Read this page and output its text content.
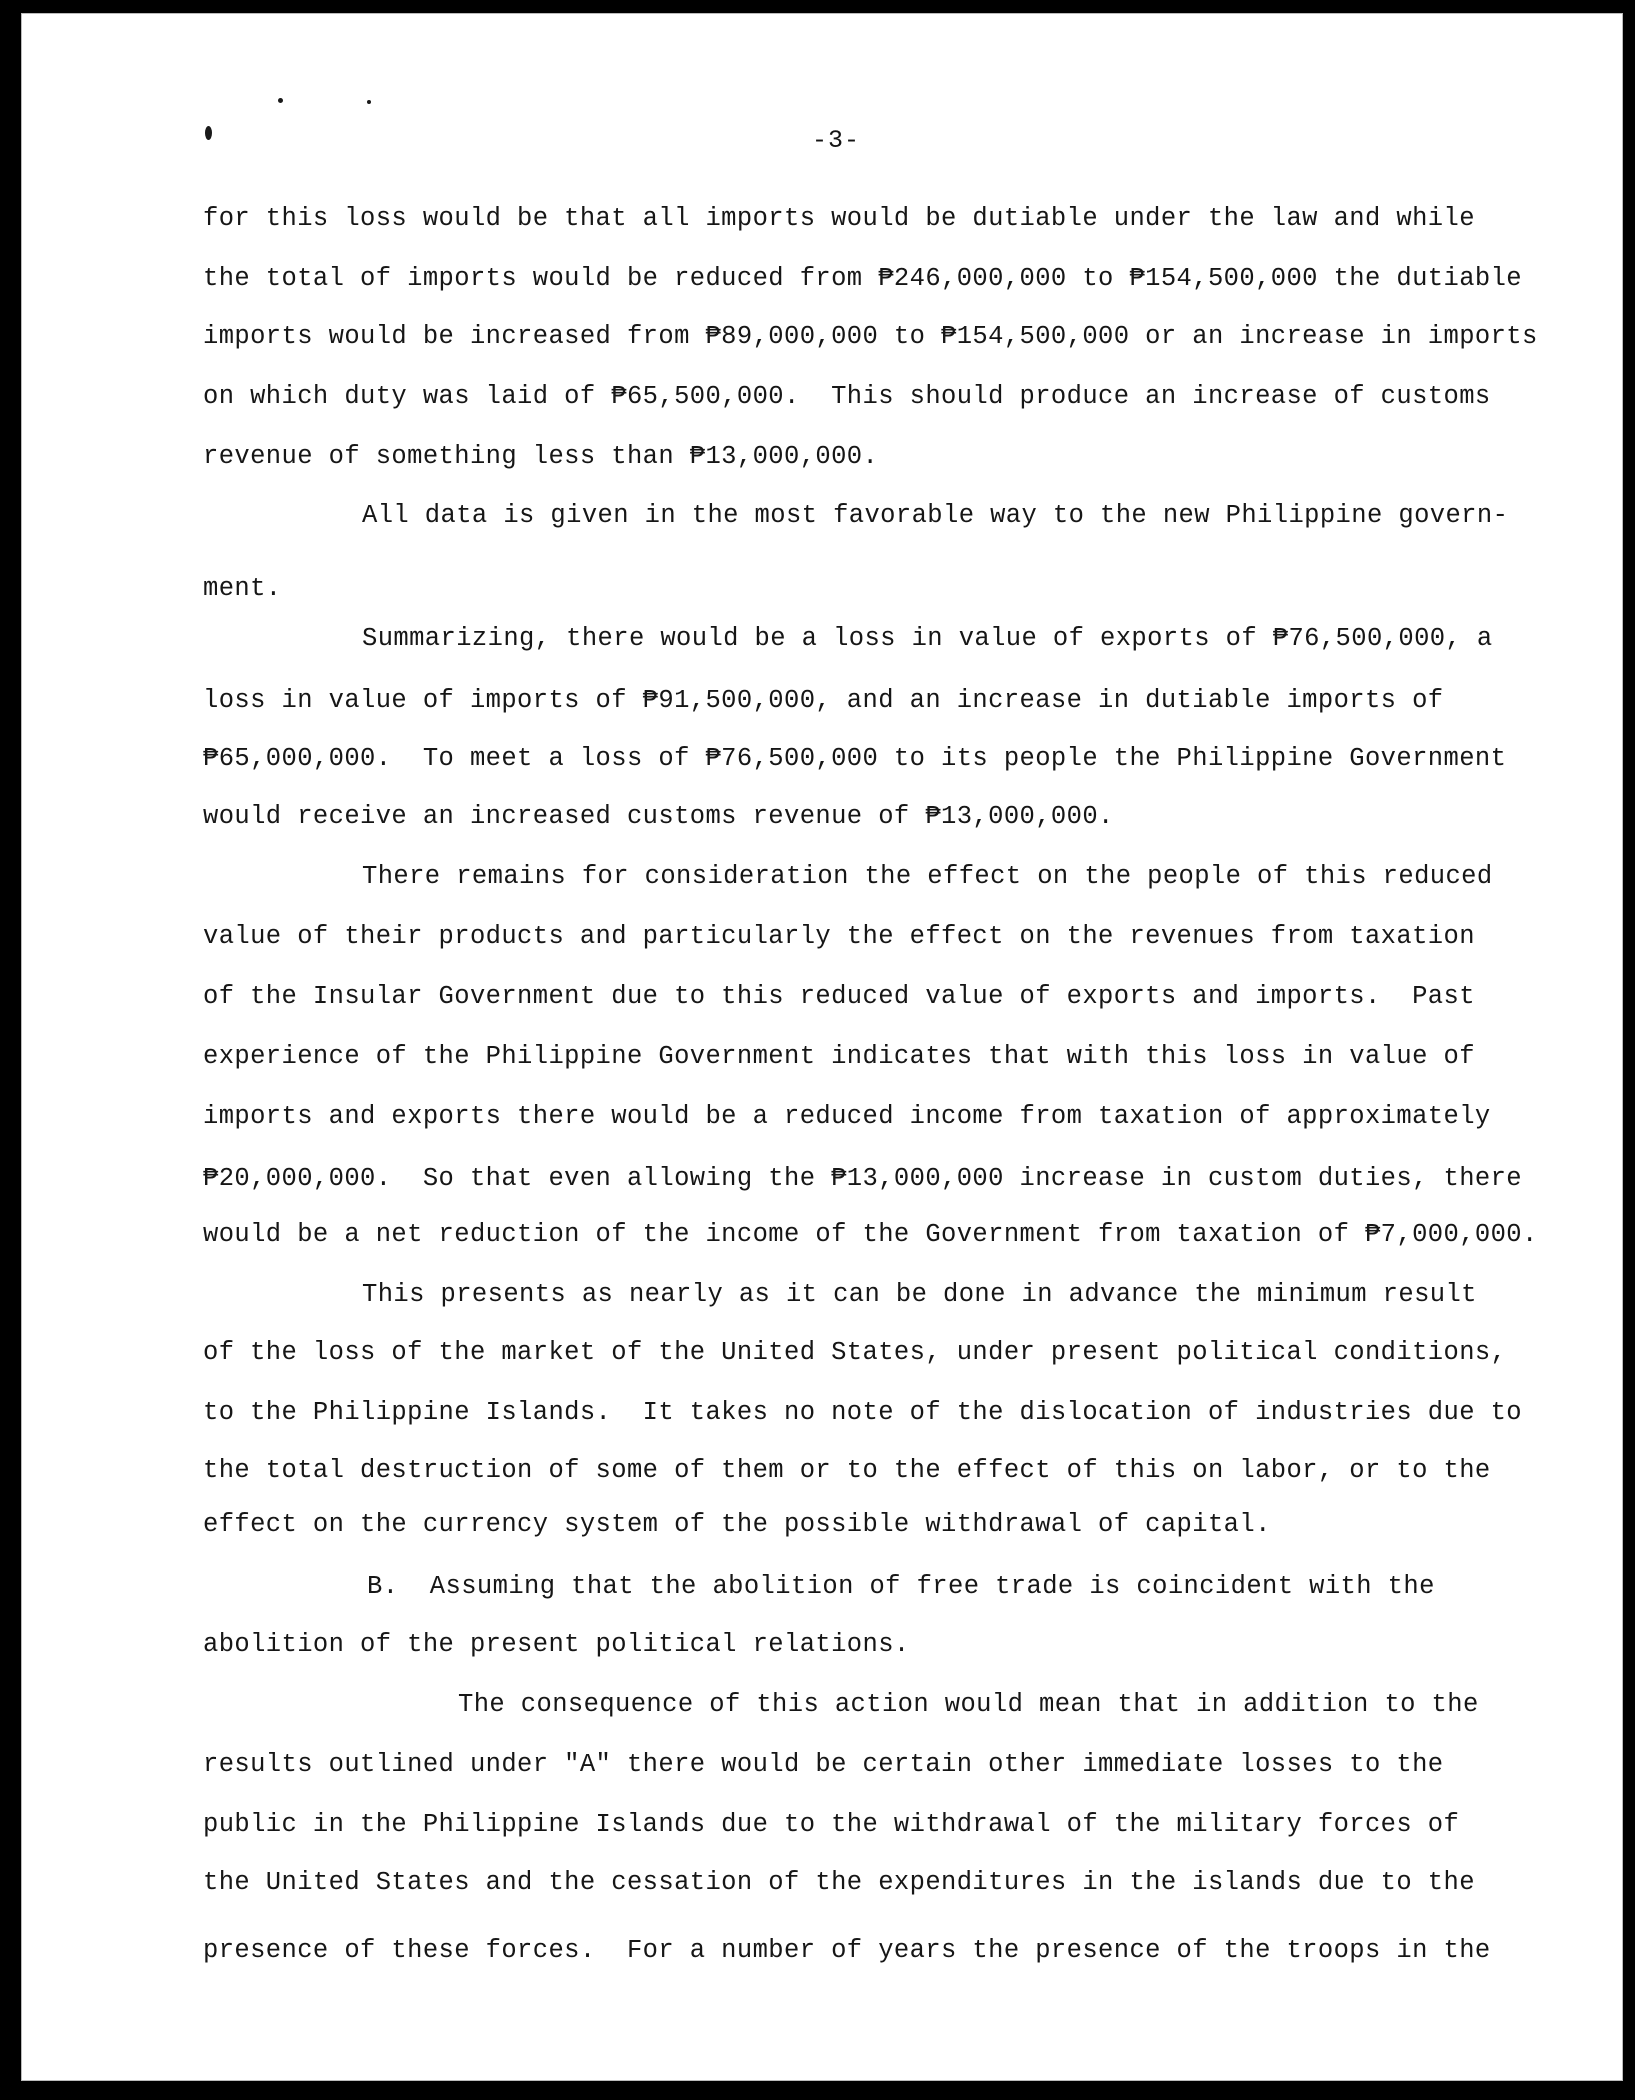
-3-
for this loss would be that all imports would be dutiable under the law and while
the total of imports would be reduced from ₱246,000,000 to ₱154,500,000 the dutiable
imports would be increased from ₱89,000,000 to ₱154,500,000 or an increase in imports
on which duty was laid of ₱65,500,000.  This should produce an increase of customs
revenue of something less than ₱13,000,000.
All data is given in the most favorable way to the new Philippine govern-
ment.
Summarizing, there would be a loss in value of exports of ₱76,500,000, a
loss in value of imports of ₱91,500,000, and an increase in dutiable imports of
₱65,000,000.  To meet a loss of ₱76,500,000 to its people the Philippine Government
would receive an increased customs revenue of ₱13,000,000.
There remains for consideration the effect on the people of this reduced
value of their products and particularly the effect on the revenues from taxation
of the Insular Government due to this reduced value of exports and imports.  Past
experience of the Philippine Government indicates that with this loss in value of
imports and exports there would be a reduced income from taxation of approximately
₱20,000,000.  So that even allowing the ₱13,000,000 increase in custom duties, there
would be a net reduction of the income of the Government from taxation of ₱7,000,000.
This presents as nearly as it can be done in advance the minimum result
of the loss of the market of the United States, under present political conditions,
to the Philippine Islands.  It takes no note of the dislocation of industries due to
the total destruction of some of them or to the effect of this on labor, or to the
effect on the currency system of the possible withdrawal of capital.
B.  Assuming that the abolition of free trade is coincident with the
abolition of the present political relations.
The consequence of this action would mean that in addition to the
results outlined under "A" there would be certain other immediate losses to the
public in the Philippine Islands due to the withdrawal of the military forces of
the United States and the cessation of the expenditures in the islands due to the
presence of these forces.  For a number of years the presence of the troops in the
